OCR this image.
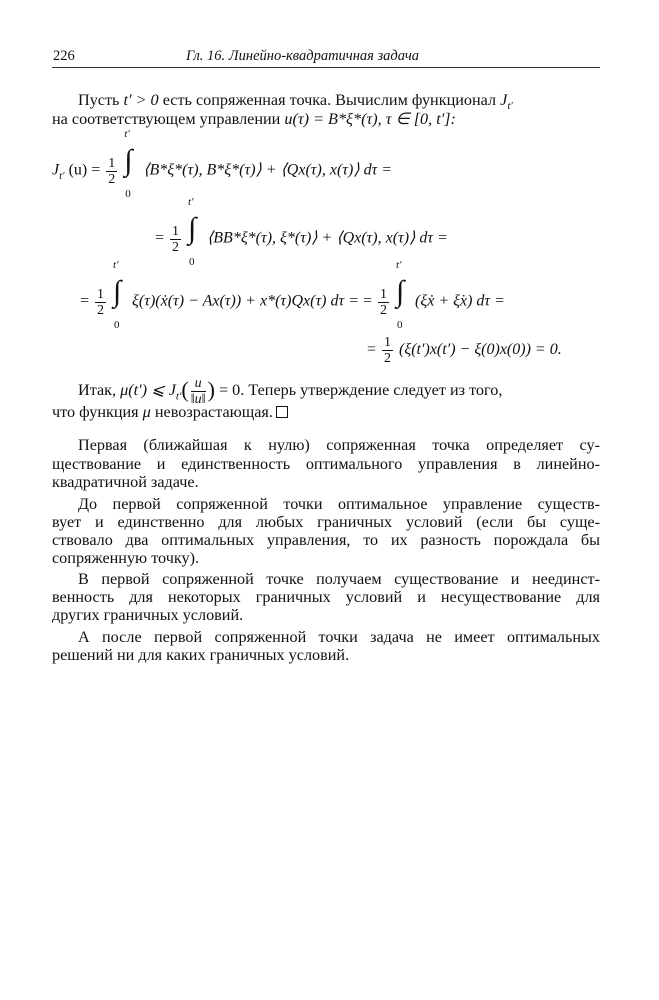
226	Гл. 16. Линейно-квадратичная задача
Пусть t′ > 0 есть сопряженная точка. Вычислим функционал $J_{t'}$
на соответствующем управлении u(τ) = B*ξ*(τ), τ ∈ [0, t′]:
$J_{t'}$ $(u) = \frac{1}{2}$

t′
∫
0
⟨B*ξ*(τ), B*ξ*(τ)⟩ + ⟨Qx(τ), x(τ)⟩ dτ =
= $\frac{1}{2}$

t′
∫
0
⟨BB*ξ*(τ), ξ*(τ)⟩ + ⟨Qx(τ), x(τ)⟩ dτ =
= $\frac{1}{2}$

t′
∫
0
ξ(τ)(ẋ(τ) − Ax(τ)) + x*(τ)Qx(τ) dτ = = $\frac{1}{2}$

t′
∫
0
(ξẋ + ξ̇x) dτ =
= $\frac{1}{2} (\xi(t')x(t') - \xi(0)x(0)) = 0$.
Итак, μ(t′) ⩽ $J_{t'}( \frac{u}{‖u‖}$ ) = 0. Теперь утверждение следует из того,
что функция μ невозрастающая.
Первая (ближайшая к нулю) сопряженная точка определяет су-
ществование и единственность оптимального управления в линейно-
квадратичной задаче.
До первой сопряженной точки оптимальное управление существ-
вует и единственно для любых граничных условий (если бы суще-
ствовало два оптимальных управления, то их разность порождала бы
сопряженную точку).
В первой сопряженной точке получаем существование и неединст-
венность для некоторых граничных условий и несуществование для
других граничных условий.
А после первой сопряженной точки задача не имеет оптимальных
решений ни для каких граничных условий.
